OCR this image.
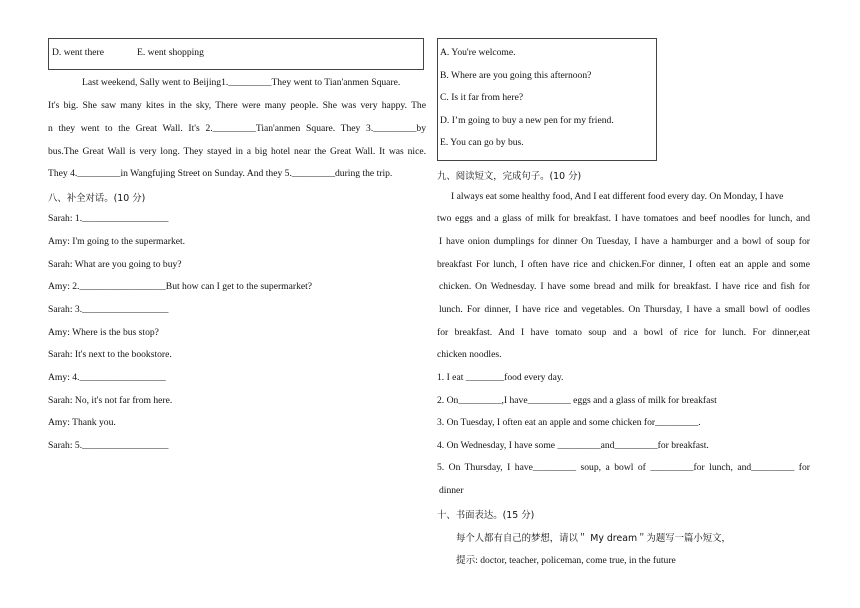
D. went there	E. went shopping
Last weekend, Sally went to Beijing1._________They went to Tian'anmen Square.
It's big. She saw many kites in the sky, There were many people. She was very happy. The
n they went to the Great Wall. It's 2._________Tian'anmen Square. They 3._________by
bus.The Great Wall is very long. They stayed in a big hotel near the Great Wall. It was nice.
They 4._________in Wangfujing Street on Sunday. And they 5._________during the trip.
八、补全对话。(10 分)
Sarah: 1.__________________
Amy: I'm going to the supermarket.
Sarah: What are you going to buy?
Amy: 2.__________________But how can I get to the supermarket?
Sarah: 3.__________________
Amy: Where is the bus stop?
Sarah: It's next to the bookstore.
Amy: 4.__________________
Sarah: No, it's not far from here.
Amy: Thank you.
Sarah: 5.__________________
A. You're welcome.
B. Where are you going this afternoon?
C. Is it far from here?
D. I’m going to buy a new pen for my friend.
E. You can go by bus.
九、阅读短文，完成句子。(10 分)
I always eat some healthy food, And I eat different food every day. On Monday, I have
two eggs and a glass of milk for breakfast. I have tomatoes and beef noodles for lunch, and
I have onion dumplings for dinner On Tuesday, I have a hamburger and a bowl of soup for
breakfast For lunch, I often have rice and chicken.For dinner, I often eat an apple and some
chicken. On Wednesday. I have some bread and milk for breakfast. I have rice and fish for
lunch. For dinner, I have rice and vegetables. On Thursday, I have a small bowl of oodles
for breakfast. And I have tomato soup and a bowl of rice for lunch. For dinner,eat
chicken noodles.
1. I eat ________food every day.
2. On_________,I have_________ eggs and a glass of milk for breakfast
3. On Tuesday, I often eat an apple and some chicken for_________.
4. On Wednesday, I have some _________and_________for breakfast.
5. On Thursday, I have_________ soup, a bowl of _________for lunch, and_________ for
dinner
十、书面表达。(15 分)
每个人都有自己的梦想，请以＂ My dream＂为题写一篇小短文，
提示: doctor, teacher, policeman, come true, in the future
